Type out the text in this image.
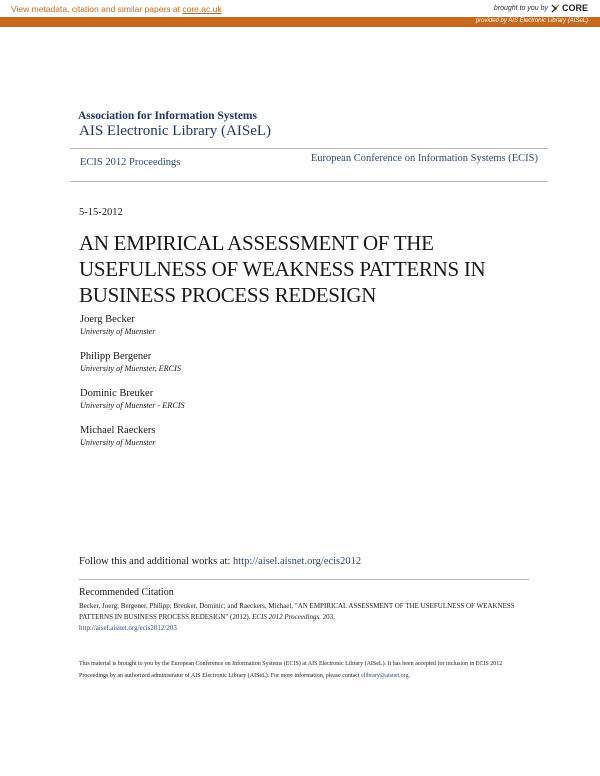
View metadata, citation and similar papers at core.ac.uk	brought to you by CORE
provided by AIS Electronic Library (AISeL)
Association for Information Systems
AIS Electronic Library (AISeL)
ECIS 2012 Proceedings	European Conference on Information Systems (ECIS)
5-15-2012
AN EMPIRICAL ASSESSMENT OF THE USEFULNESS OF WEAKNESS PATTERNS IN BUSINESS PROCESS REDESIGN
Joerg Becker
University of Muenster
Philipp Bergener
University of Muenster, ERCIS
Dominic Breuker
University of Muenster - ERCIS
Michael Raeckers
University of Muenster
Follow this and additional works at: http://aisel.aisnet.org/ecis2012
Recommended Citation
Becker, Joerg; Bergener, Philipp; Breuker, Dominic; and Raeckers, Michael, "AN EMPIRICAL ASSESSMENT OF THE USEFULNESS OF WEAKNESS PATTERNS IN BUSINESS PROCESS REDESIGN" (2012). ECIS 2012 Proceedings. 203.
http://aisel.aisnet.org/ecis2012/203
This material is brought to you by the European Conference on Information Systems (ECIS) at AIS Electronic Library (AISeL). It has been accepted for inclusion in ECIS 2012 Proceedings by an authorized administrator of AIS Electronic Library (AISeL). For more information, please contact elibrary@aisnet.org.
